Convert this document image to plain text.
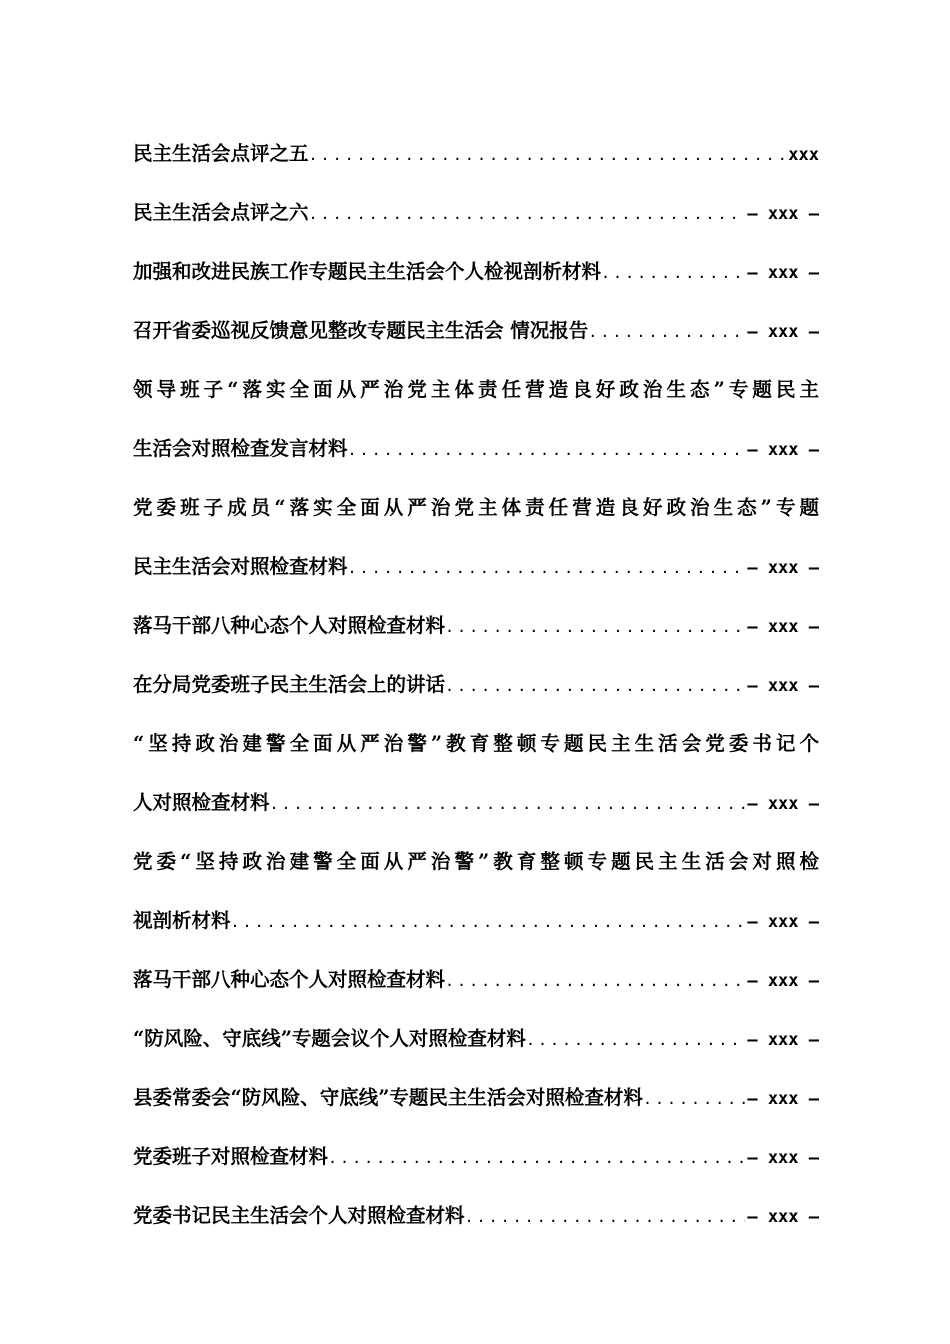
民主生活会点评之五 .....	xxx
民主生活会点评之六 .....	– xxx –
加强和改进民族工作专题民主生活会个人检视剖析材料 .....	– xxx –
召开省委巡视反馈意见整改专题民主生活会 情况报告 .....	– xxx –
领导班子“落实全面从严治党主体责任营造良好政治生态”专题民主
生活会对照检查发言材料 .....	– xxx –
党委班子成员“落实全面从严治党主体责任营造良好政治生态”专题
民主生活会对照检查材料 .....	– xxx –
落马干部八种心态个人对照检查材料 .....	– xxx –
在分局党委班子民主生活会上的讲话 .....	– xxx –
“坚持政治建警全面从严治警”教育整顿专题民主生活会党委书记个
人对照检查材料 .....	– xxx –
党委“坚持政治建警全面从严治警”教育整顿专题民主生活会对照检
视剖析材料 .....	– xxx –
落马干部八种心态个人对照检查材料 .....	– xxx –
“防风险、守底线”专题会议个人对照检查材料 .....	– xxx –
县委常委会“防风险、守底线”专题民主生活会对照检查材料 .....	– xxx –
党委班子对照检查材料 .....	– xxx –
党委书记民主生活会个人对照检查材料 .....	– xxx –
